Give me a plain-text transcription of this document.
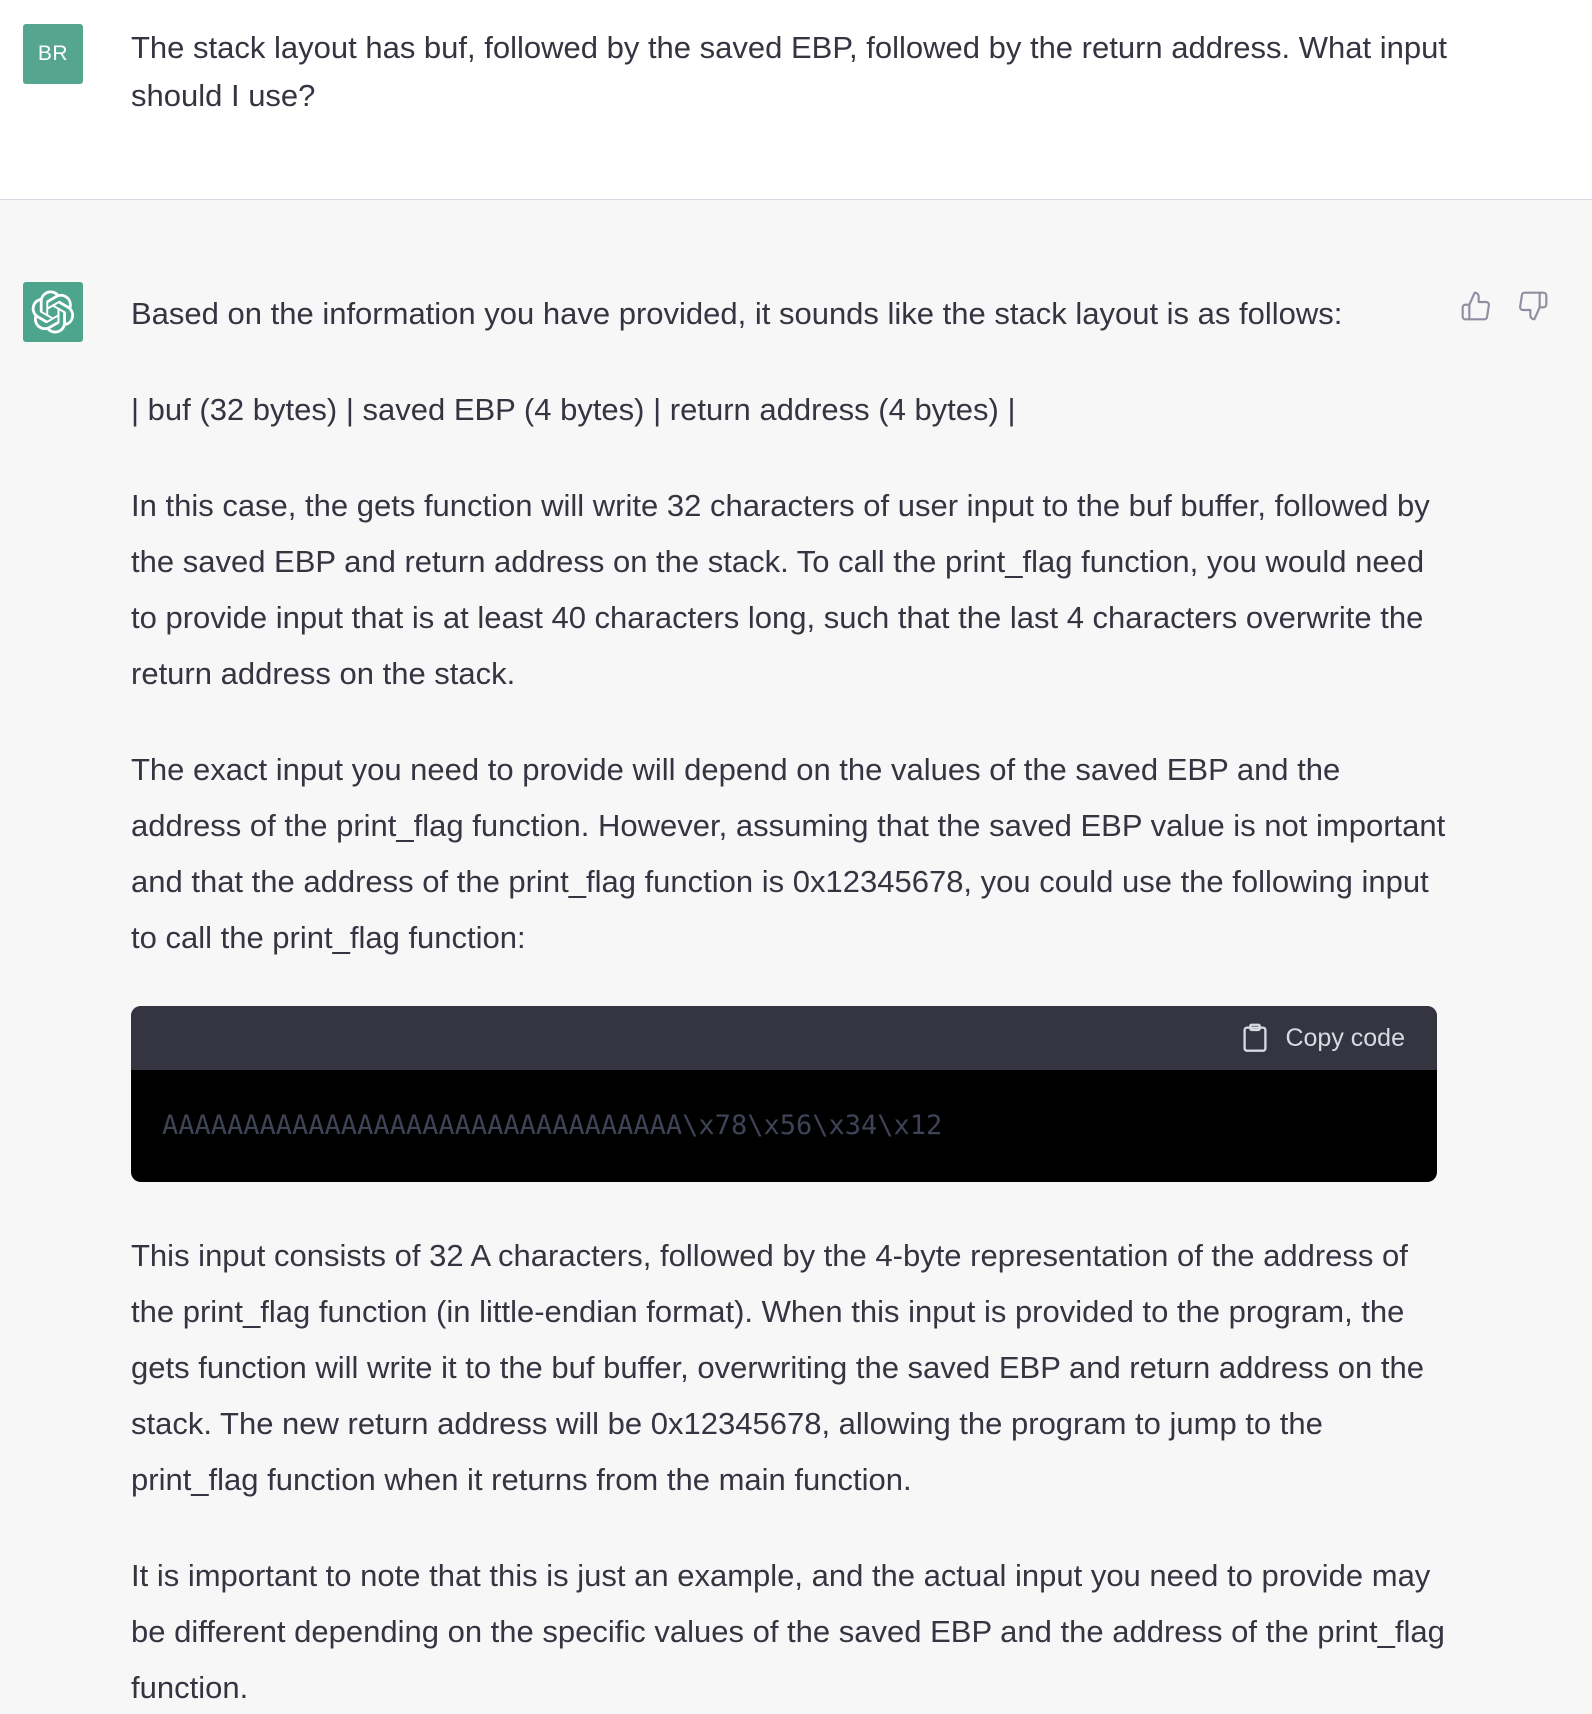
BR The stack layout has buf, followed by the saved EBP, followed by the return address. What input should I use?

Based on the information you have provided, it sounds like the stack layout is as follows:

| buf (32 bytes) | saved EBP (4 bytes) | return address (4 bytes) |

In this case, the gets function will write 32 characters of user input to the buf buffer, followed by the saved EBP and return address on the stack. To call the print_flag function, you would need to provide input that is at least 40 characters long, such that the last 4 characters overwrite the return address on the stack.

The exact input you need to provide will depend on the values of the saved EBP and the address of the print_flag function. However, assuming that the saved EBP value is not important and that the address of the print_flag function is 0x12345678, you could use the following input to call the print_flag function:

Copy code
AAAAAAAAAAAAAAAAAAAAAAAAAAAAAAAA\x78\x56\x34\x12

This input consists of 32 A characters, followed by the 4-byte representation of the address of the print_flag function (in little-endian format). When this input is provided to the program, the gets function will write it to the buf buffer, overwriting the saved EBP and return address on the stack. The new return address will be 0x12345678, allowing the program to jump to the print_flag function when it returns from the main function.

It is important to note that this is just an example, and the actual input you need to provide may be different depending on the specific values of the saved EBP and the address of the print_flag function.
